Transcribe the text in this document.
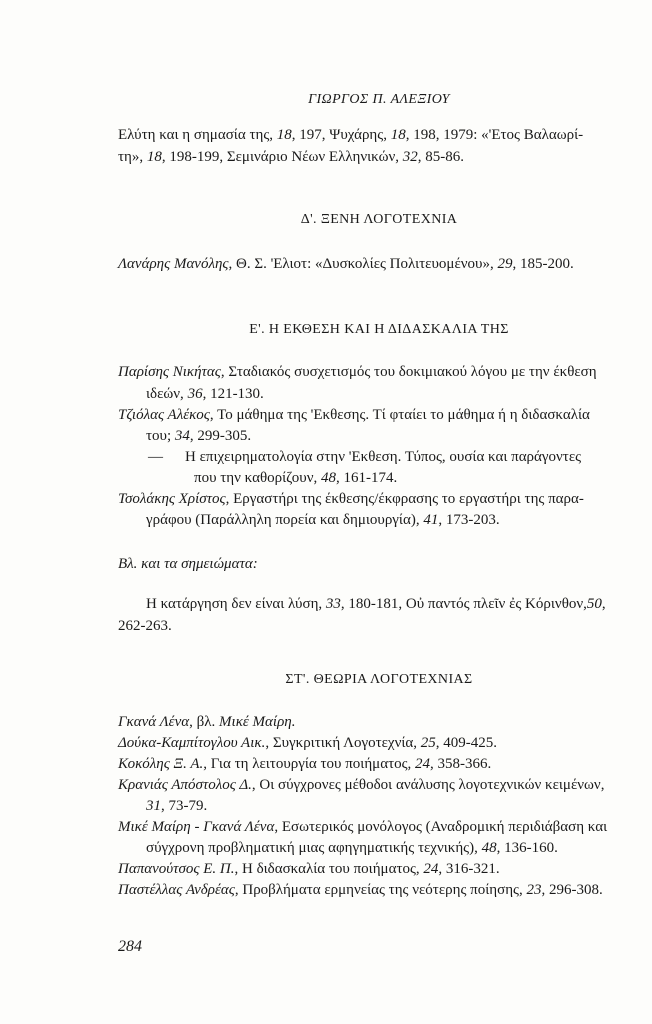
ΓΙΩΡΓΟΣ Π. ΑΛΕΞΙΟΥ
Ελύτη και η σημασία της, 18, 197, Ψυχάρης, 18, 198, 1979: «'Ετος Βαλαωρί-
τη», 18, 198-199, Σεμινάριο Νέων Ελληνικών, 32, 85-86.
Δ'. ΞΕΝΗ ΛΟΓΟΤΕΧΝΙΑ
Λανάρης Μανόλης, Θ. Σ. 'Ελιοτ: «Δυσκολίες Πολιτευομένου», 29, 185-200.
Ε'. Η ΕΚΘΕΣΗ ΚΑΙ Η ΔΙΔΑΣΚΑΛΙΑ ΤΗΣ
Παρίσης Νικήτας, Σταδιακός συσχετισμός του δοκιμιακού λόγου με την έκθεση
ιδεών, 36, 121-130.
Τζιόλας Αλέκος, Το μάθημα της 'Εκθεσης. Τί φταίει το μάθημα ή η διδασκαλία
του; 34, 299-305.
— Η επιχειρηματολογία στην 'Εκθεση. Τύπος, ουσία και παράγοντες
που την καθορίζουν, 48, 161-174.
Τσολάκης Χρίστος, Εργαστήρι της έκθεσης/έκφρασης το εργαστήρι της παρα-
γράφου (Παράλληλη πορεία και δημιουργία), 41, 173-203.
Βλ. και τα σημειώματα:
Η κατάργηση δεν είναι λύση, 33, 180-181, Οὐ παντός πλεῖν ἐς Κόρινθον,50,
262-263.
ΣΤ'. ΘΕΩΡΙΑ ΛΟΓΟΤΕΧΝΙΑΣ
Γκανά Λένα, βλ. Μικέ Μαίρη.
Δούκα-Καμπίτογλου Αικ., Συγκριτική Λογοτεχνία, 25, 409-425.
Κοκόλης Ξ. Α., Για τη λειτουργία του ποιήματος, 24, 358-366.
Κρανιάς Απόστολος Δ., Οι σύγχρονες μέθοδοι ανάλυσης λογοτεχνικών κειμένων,
31, 73-79.
Μικέ Μαίρη - Γκανά Λένα, Εσωτερικός μονόλογος (Αναδρομική περιδιάβαση και
σύγχρονη προβληματική μιας αφηγηματικής τεχνικής), 48, 136-160.
Παπανούτσος Ε. Π., Η διδασκαλία του ποιήματος, 24, 316-321.
Παστέλλας Ανδρέας, Προβλήματα ερμηνείας της νεότερης ποίησης, 23, 296-308.
284
